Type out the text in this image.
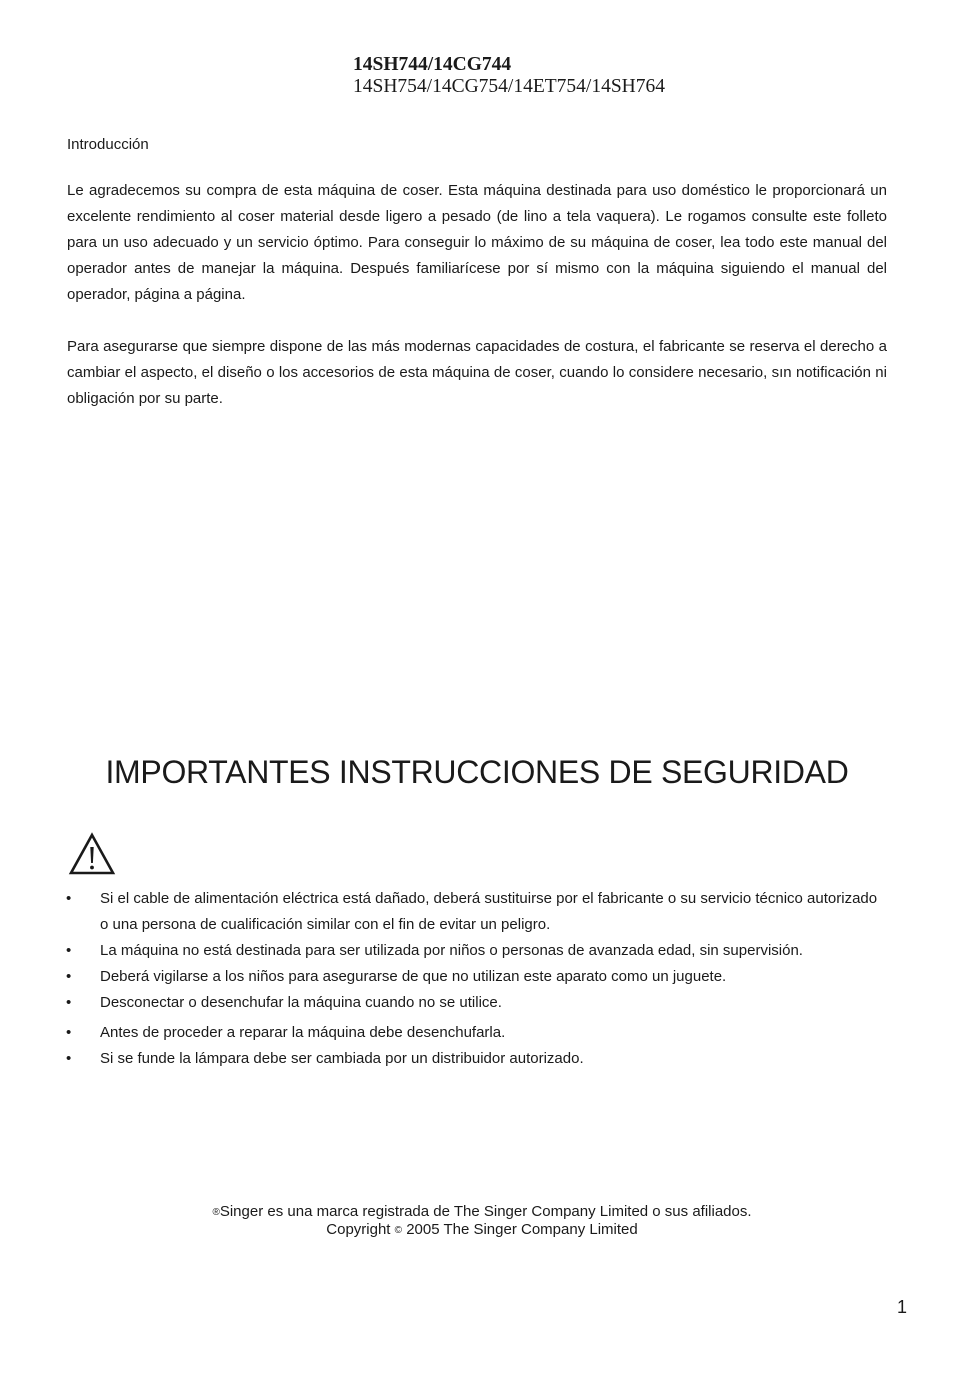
14SH744/14CG744
14SH754/14CG754/14ET754/14SH764
Introducción
Le agradecemos su compra de esta máquina de coser. Esta máquina destinada para uso doméstico le proporcionará un excelente rendimiento al coser material desde ligero a pesado (de lino a tela vaquera). Le rogamos consulte este folleto para un uso adecuado y un servicio óptimo. Para conseguir lo máximo de su máquina de coser, lea todo este manual del operador antes de manejar la máquina. Después familiarícese por sí mismo con la máquina siguiendo el manual del operador, página a página.
Para asegurarse que siempre dispone de las más modernas capacidades de costura, el fabricante se reserva el derecho a cambiar el aspecto, el diseño o los accesorios de esta máquina de coser, cuando lo considere necesario, sın notificación ni obligación por su parte.
IMPORTANTES INSTRUCCIONES DE SEGURIDAD
• Si el cable de alimentación eléctrica está dañado, deberá sustituirse por el fabricante o su servicio técnico autorizado o una persona de cualificación similar con el fin de evitar un peligro.
• La máquina no está destinada para ser utilizada por niños o personas de avanzada edad, sin supervisión.
• Deberá vigilarse a los niños para asegurarse de que no utilizan este aparato como un juguete.
• Desconectar o desenchufar la máquina cuando no se utilice.
• Antes de proceder a reparar la máquina debe desenchufarla.
• Si se funde la lámpara debe ser cambiada por un distribuidor autorizado.
®Singer es una marca registrada de The Singer Company Limited o sus afiliados.
Copyright © 2005 The Singer Company Limited
1
